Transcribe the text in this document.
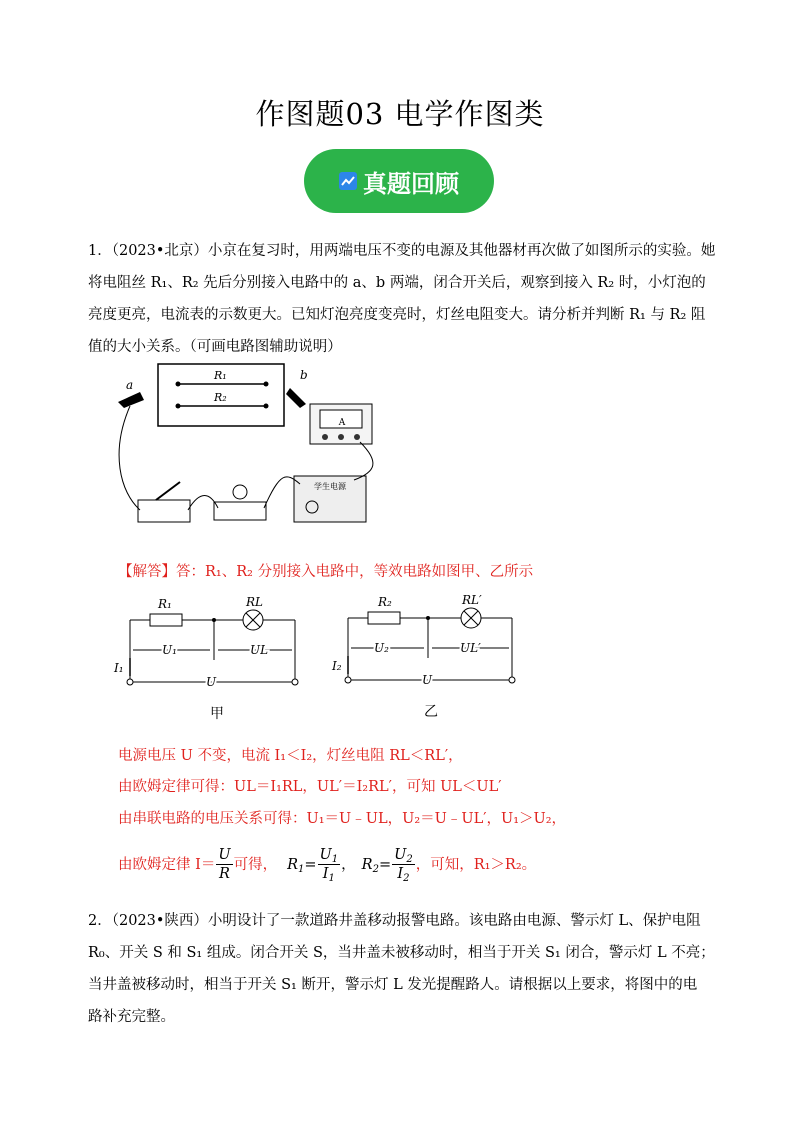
作图题03 电学作图类
真题回顾
1．（2023•北京）小京在复习时，用两端电压不变的电源及其他器材再次做了如图所示的实验。她
将电阻丝 R₁、R₂ 先后分别接入电路中的 a、b 两端，闭合开关后，观察到接入 R₂ 时，小灯泡的
亮度更亮，电流表的示数更大。已知灯泡亮度变亮时，灯丝电阻变大。请分析并判断 R₁ 与 R₂ 阻
值的大小关系。（可画电路图辅助说明）
R₁
R₂
a
b
A
学生电源
【解答】答：R₁、R₂ 分别接入电路中，等效电路如图甲、乙所示
R₁	RL
U₁	UL
I₁
U
甲
R₂	RL′
U₂	UL′
I₂
U
乙
电源电压 U 不变，电流 I₁＜I₂，灯丝电阻 RL＜RL′，
由欧姆定律可得：UL＝I₁RL，UL′＝I₂RL′，可知 UL＜UL′
由串联电路的电压关系可得：U₁＝U﹣UL，U₂＝U﹣UL′，U₁＞U₂，
由欧姆定律 $I= \frac{U}{R}$ 可得， $R_1= \frac{U_1}{I_1}$ ， $R_2= \frac{U_2}{I_2}$ ，可知，R₁＞R₂。
2．（2023•陕西）小明设计了一款道路井盖移动报警电路。该电路由电源、警示灯 L、保护电阻
R₀、开关 S 和 S₁ 组成。闭合开关 S，当井盖未被移动时，相当于开关 S₁ 闭合，警示灯 L 不亮；
当井盖被移动时，相当于开关 S₁ 断开，警示灯 L 发光提醒路人。请根据以上要求，将图中的电
路补充完整。
